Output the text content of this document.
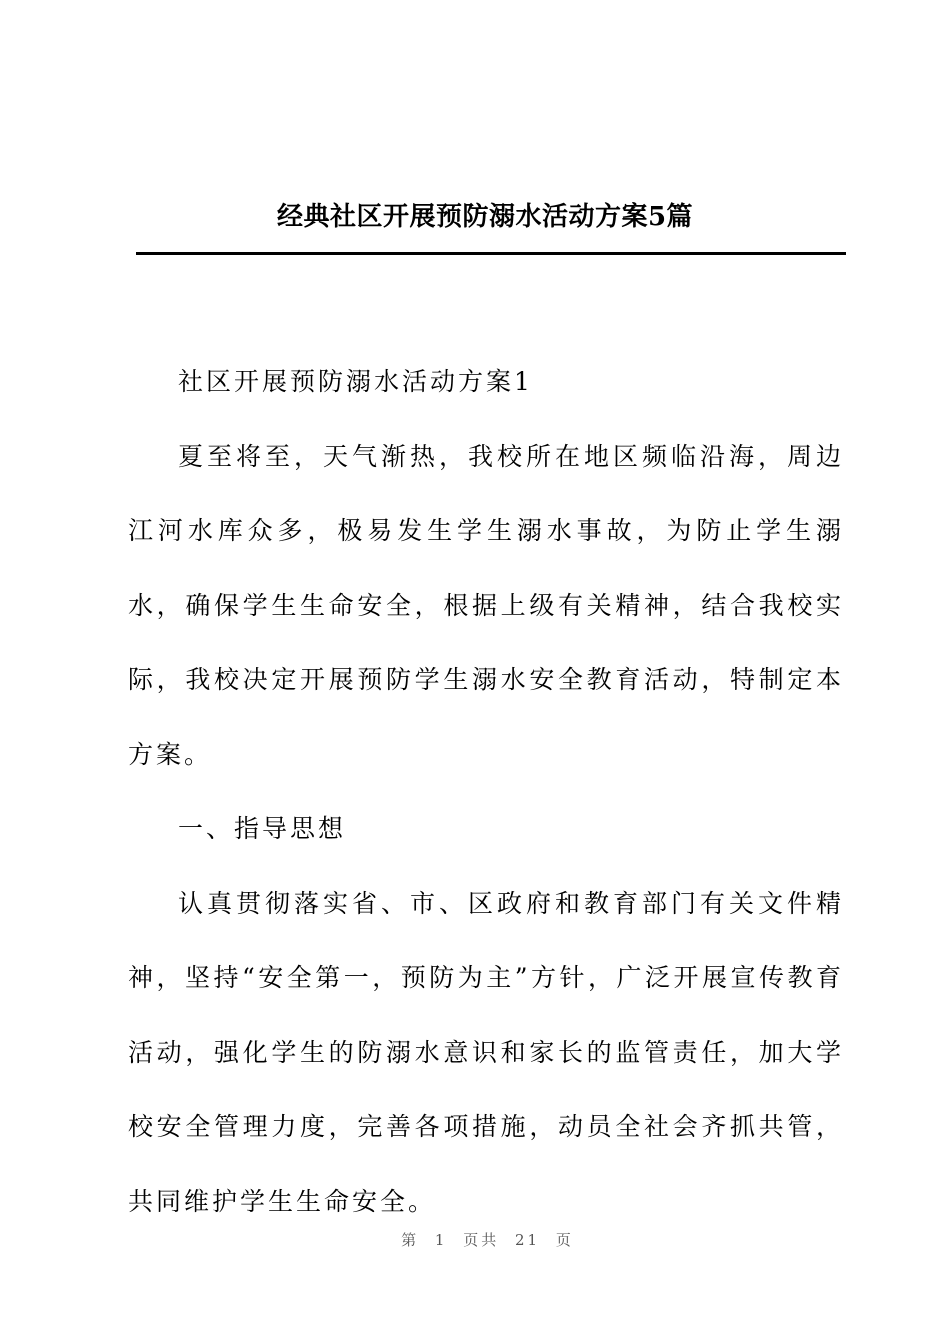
经典社区开展预防溺水活动方案5篇

社区开展预防溺水活动方案1

夏至将至，天气渐热，我校所在地区频临沿海，周边江河水库众多，极易发生学生溺水事故，为防止学生溺水，确保学生生命安全，根据上级有关精神，结合我校实际，我校决定开展预防学生溺水安全教育活动，特制定本方案。

一、指导思想

认真贯彻落实省、市、区政府和教育部门有关文件精神，坚持“安全第一，预防为主”方针，广泛开展宣传教育活动，强化学生的防溺水意识和家长的监管责任，加大学校安全管理力度，完善各项措施，动员全社会齐抓共管，共同维护学生生命安全。

第 1 页共 21 页
